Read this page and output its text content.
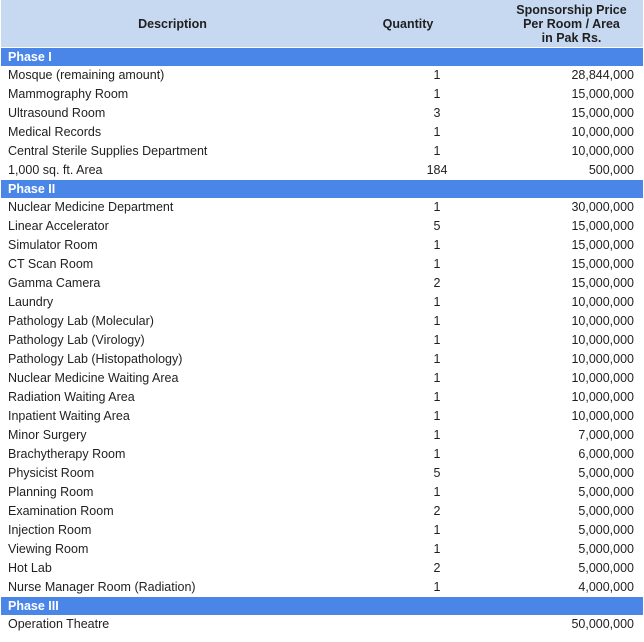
Description	Quantity	Sponsorship Price
Per Room / Area
in Pak Rs.

Phase I		
Mosque (remaining amount)	1	28,844,000
Mammography Room	1	15,000,000
Ultrasound Room	3	15,000,000
Medical Records	1	10,000,000
Central Sterile Supplies Department	1	10,000,000
1,000 sq. ft. Area	184	500,000
Phase II		
Nuclear Medicine Department	1	30,000,000
Linear Accelerator	5	15,000,000
Simulator Room	1	15,000,000
CT Scan Room	1	15,000,000
Gamma Camera	2	15,000,000
Laundry	1	10,000,000
Pathology Lab (Molecular)	1	10,000,000
Pathology Lab (Virology)	1	10,000,000
Pathology Lab (Histopathology)	1	10,000,000
Nuclear Medicine Waiting Area	1	10,000,000
Radiation Waiting Area	1	10,000,000
Inpatient Waiting Area	1	10,000,000
Minor Surgery	1	7,000,000
Brachytherapy Room	1	6,000,000
Physicist Room	5	5,000,000
Planning Room	1	5,000,000
Examination Room	2	5,000,000
Injection Room	1	5,000,000
Viewing Room	1	5,000,000
Hot Lab	2	5,000,000
Nurse Manager Room (Radiation)	1	4,000,000
Phase III		
Operation Theatre		50,000,000
